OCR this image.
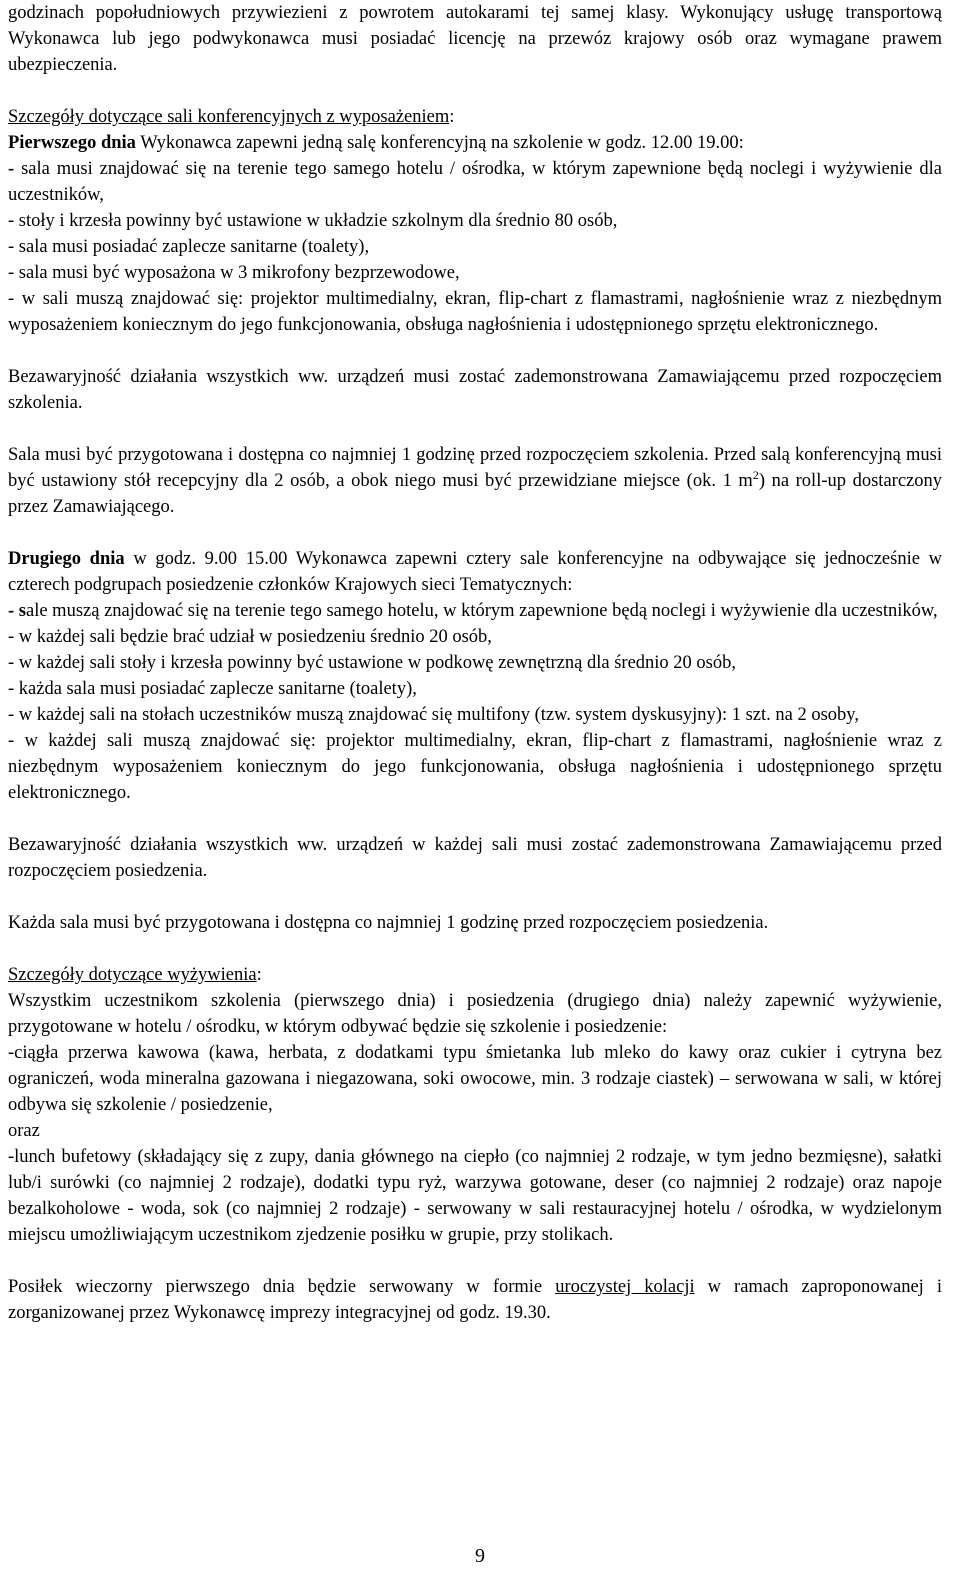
godzinach popołudniowych przywiezieni z powrotem autokarami tej samej klasy. Wykonujący usługę transportową Wykonawca lub jego podwykonawca musi posiadać licencję na przewóz krajowy osób oraz wymagane prawem ubezpieczenia.

Szczegóły dotyczące sali konferencyjnych z wyposażeniem:

Pierwszego dnia Wykonawca zapewni jedną salę konferencyjną na szkolenie w godz. 12.00 19.00:

- sala musi znajdować się na terenie tego samego hotelu / ośrodka, w którym zapewnione będą noclegi i wyżywienie dla uczestników,

- stoły i krzesła powinny być ustawione w układzie szkolnym dla średnio 80 osób,

- sala musi posiadać zaplecze sanitarne (toalety),

- sala musi być wyposażona w 3 mikrofony bezprzewodowe,

- w sali muszą znajdować się: projektor multimedialny, ekran, flip-chart z flamastrami, nagłośnienie wraz z niezbędnym wyposażeniem koniecznym do jego funkcjonowania, obsługa nagłośnienia i udostępnionego sprzętu elektronicznego.

Bezawaryjność działania wszystkich ww. urządzeń musi zostać zademonstrowana Zamawiającemu przed rozpoczęciem szkolenia.

Sala musi być przygotowana i dostępna co najmniej 1 godzinę przed rozpoczęciem szkolenia. Przed salą konferencyjną musi być ustawiony stół recepcyjny dla 2 osób, a obok niego musi być przewidziane miejsce (ok. 1 $m^2$) na roll-up dostarczony przez Zamawiającego.

Drugiego dnia w godz. 9.00 15.00 Wykonawca zapewni cztery sale konferencyjne na odbywające się jednocześnie w czterech podgrupach posiedzenie członków Krajowych sieci Tematycznych:

- sale muszą znajdować się na terenie tego samego hotelu, w którym zapewnione będą noclegi i wyżywienie dla uczestników,

- w każdej sali będzie brać udział w posiedzeniu średnio 20 osób,

- w każdej sali stoły i krzesła powinny być ustawione w podkowę zewnętrzną dla średnio 20 osób,

- każda sala musi posiadać zaplecze sanitarne (toalety),

- w każdej sali na stołach uczestników muszą znajdować się multifony (tzw. system dyskusyjny): 1 szt. na 2 osoby,

- w każdej sali muszą znajdować się: projektor multimedialny, ekran, flip-chart z flamastrami, nagłośnienie wraz z niezbędnym wyposażeniem koniecznym do jego funkcjonowania, obsługa nagłośnienia i udostępnionego sprzętu elektronicznego.

Bezawaryjność działania wszystkich ww. urządzeń w każdej sali musi zostać zademonstrowana Zamawiającemu przed rozpoczęciem posiedzenia.

Każda sala musi być przygotowana i dostępna co najmniej 1 godzinę przed rozpoczęciem posiedzenia.

Szczegóły dotyczące wyżywienia:

Wszystkim uczestnikom szkolenia (pierwszego dnia) i posiedzenia (drugiego dnia) należy zapewnić wyżywienie, przygotowane w hotelu / ośrodku, w którym odbywać będzie się szkolenie i posiedzenie:

-ciągła przerwa kawowa (kawa, herbata, z dodatkami typu śmietanka lub mleko do kawy oraz cukier i cytryna bez ograniczeń, woda mineralna gazowana i niegazowana, soki owocowe, min. 3 rodzaje ciastek) – serwowana w sali, w której odbywa się szkolenie / posiedzenie,

oraz

-lunch bufetowy (składający się z zupy, dania głównego na ciepło (co najmniej 2 rodzaje, w tym jedno bezmięsne), sałatki lub/i surówki (co najmniej 2 rodzaje), dodatki typu ryż, warzywa gotowane, deser (co najmniej 2 rodzaje) oraz napoje bezalkoholowe - woda, sok (co najmniej 2 rodzaje) - serwowany w sali restauracyjnej hotelu / ośrodka, w wydzielonym miejscu umożliwiającym uczestnikom zjedzenie posiłku w grupie, przy stolikach.

Posiłek wieczorny pierwszego dnia będzie serwowany w formie uroczystej kolacji w ramach zaproponowanej i zorganizowanej przez Wykonawcę imprezy integracyjnej od godz. 19.30.

9
